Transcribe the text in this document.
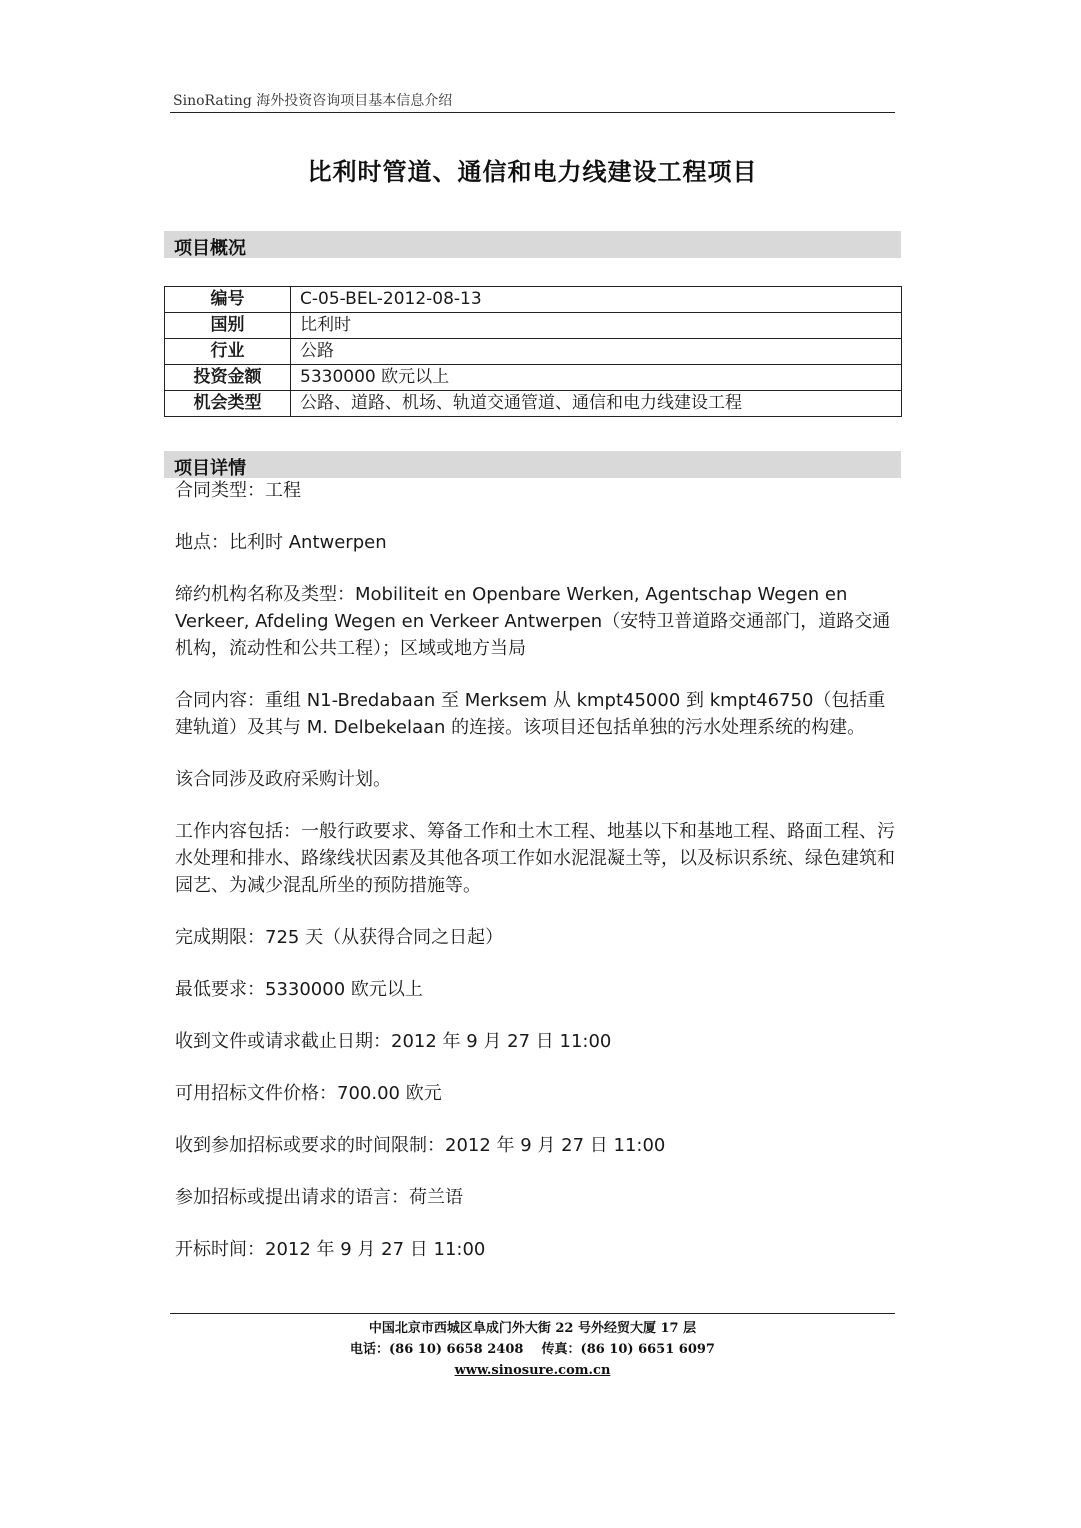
SinoRating 海外投资咨询项目基本信息介绍
比利时管道、通信和电力线建设工程项目
项目概况
编号	C-05-BEL-2012-08-13
国别	比利时
行业	公路
投资金额	5330000 欧元以上
机会类型	公路、道路、机场、轨道交通管道、通信和电力线建设工程
项目详情

合同类型：工程

地点：比利时 Antwerpen

缔约机构名称及类型：Mobiliteit en Openbare Werken, Agentschap Wegen en Verkeer, Afdeling Wegen en Verkeer Antwerpen（安特卫普道路交通部门，道路交通机构，流动性和公共工程）；区域或地方当局

合同内容：重组 N1-Bredabaan 至 Merksem 从 kmpt45000 到 kmpt46750（包括重建轨道）及其与 M. Delbekelaan 的连接。该项目还包括单独的污水处理系统的构建。

该合同涉及政府采购计划。

工作内容包括：一般行政要求、筹备工作和土木工程、地基以下和基地工程、路面工程、污水处理和排水、路缘线状因素及其他各项工作如水泥混凝土等，以及标识系统、绿色建筑和园艺、为减少混乱所坐的预防措施等。

完成期限：725 天（从获得合同之日起）

最低要求：5330000 欧元以上

收到文件或请求截止日期：2012 年 9 月 27 日 11:00

可用招标文件价格：700.00 欧元

收到参加招标或要求的时间限制：2012 年 9 月 27 日 11:00

参加招标或提出请求的语言：荷兰语

开标时间：2012 年 9 月 27 日 11:00

中国北京市西城区阜成门外大街 22 号外经贸大厦 17 层
电话：(86 10) 6658 2408    传真：(86 10) 6651 6097
www.sinosure.com.cn
